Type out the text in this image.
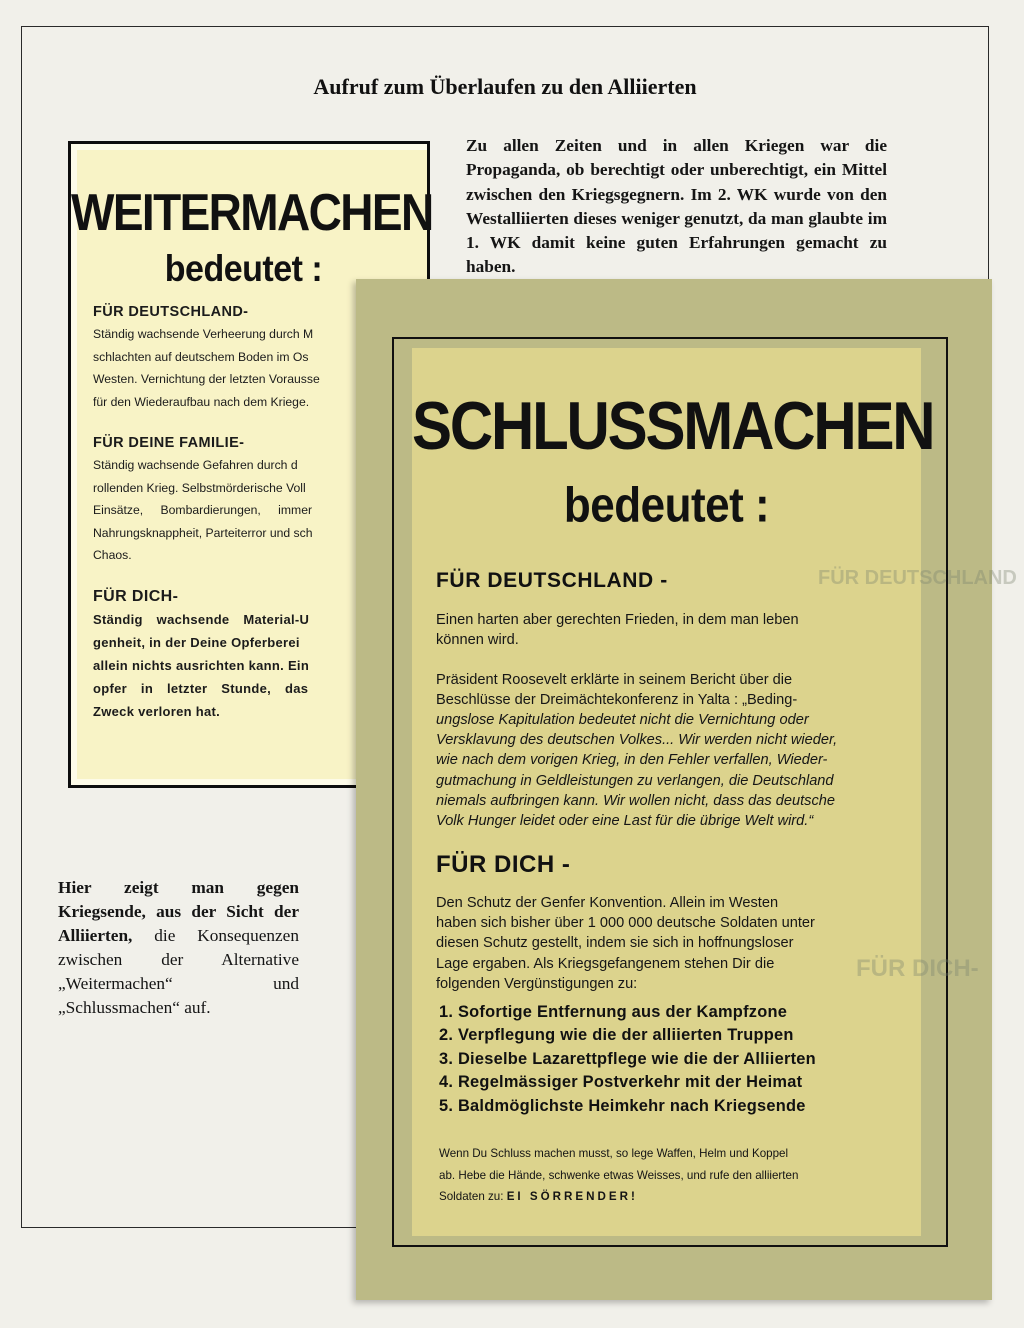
Aufruf zum Überlaufen zu den Alliierten

Zu allen Zeiten und in allen Kriegen war die Propaganda, ob berechtigt oder unberechtigt, ein Mittel zwischen den Kriegsgegnern. Im 2. WK wurde von den Westalliierten dieses weniger genutzt, da man glaubte im 1. WK damit keine guten Erfahrungen gemacht zu haben.

Hier zeigt man gegen Kriegsende, aus der Sicht der Alliierten, die Konsequenzen zwischen der Alternative „Weitermachen“ und „Schlussmachen“ auf.

WEITERMACHEN
bedeutet :

FÜR DEUTSCHLAND-

Ständig wachsende Verheerung durch M

schlachten auf deutschem Boden im Os

Westen. Vernichtung der letzten Vorausse

für den Wiederaufbau nach dem Kriege.

FÜR DEINE FAMILIE-

Ständig wachsende Gefahren durch d

rollenden Krieg. Selbstmörderische Voll

Einsätze, Bombardierungen, immer

Nahrungsknappheit, Parteiterror und sch

Chaos.

FÜR DICH-

Ständig wachsende Material-U

genheit, in der Deine Opferberei

allein nichts ausrichten kann. Ein

opfer in letzter Stunde, das

Zweck verloren hat.

FÜR DEUTSCHLAND
FÜR DICH-
SCHLUSSMACHEN
bedeutet :

FÜR DEUTSCHLAND -

Einen harten aber gerechten Frieden, in dem man leben
können wird.
Präsident Roosevelt erklärte in seinem Bericht über die
Beschlüsse der Dreimächtekonferenz in Yalta : „Beding-
ungslose Kapitulation bedeutet nicht die Vernichtung oder
Versklavung des deutschen Volkes... Wir werden nicht wieder,
wie nach dem vorigen Krieg, in den Fehler verfallen, Wieder-
gutmachung in Geldleistungen zu verlangen, die Deutschland
niemals aufbringen kann. Wir wollen nicht, dass das deutsche
Volk Hunger leidet oder eine Last für die übrige Welt wird.“

FÜR DICH -

Den Schutz der Genfer Konvention. Allein im Westen
haben sich bisher über 1 000 000 deutsche Soldaten unter
diesen Schutz gestellt, indem sie sich in hoffnungsloser
Lage ergaben. Als Kriegsgefangenem stehen Dir die
folgenden Vergünstigungen zu:
1. Sofortige Entfernung aus der Kampfzone
2. Verpflegung wie die der alliierten Truppen
3. Dieselbe Lazarettpflege wie die der Alliierten
4. Regelmässiger Postverkehr mit der Heimat
5. Baldmöglichste Heimkehr nach Kriegsende
Wenn Du Schluss machen musst, so lege Waffen, Helm und Koppel
ab. Hebe die Hände, schwenke etwas Weisses, und rufe den alliierten
Soldaten zu: EI SÖRRENDER!
